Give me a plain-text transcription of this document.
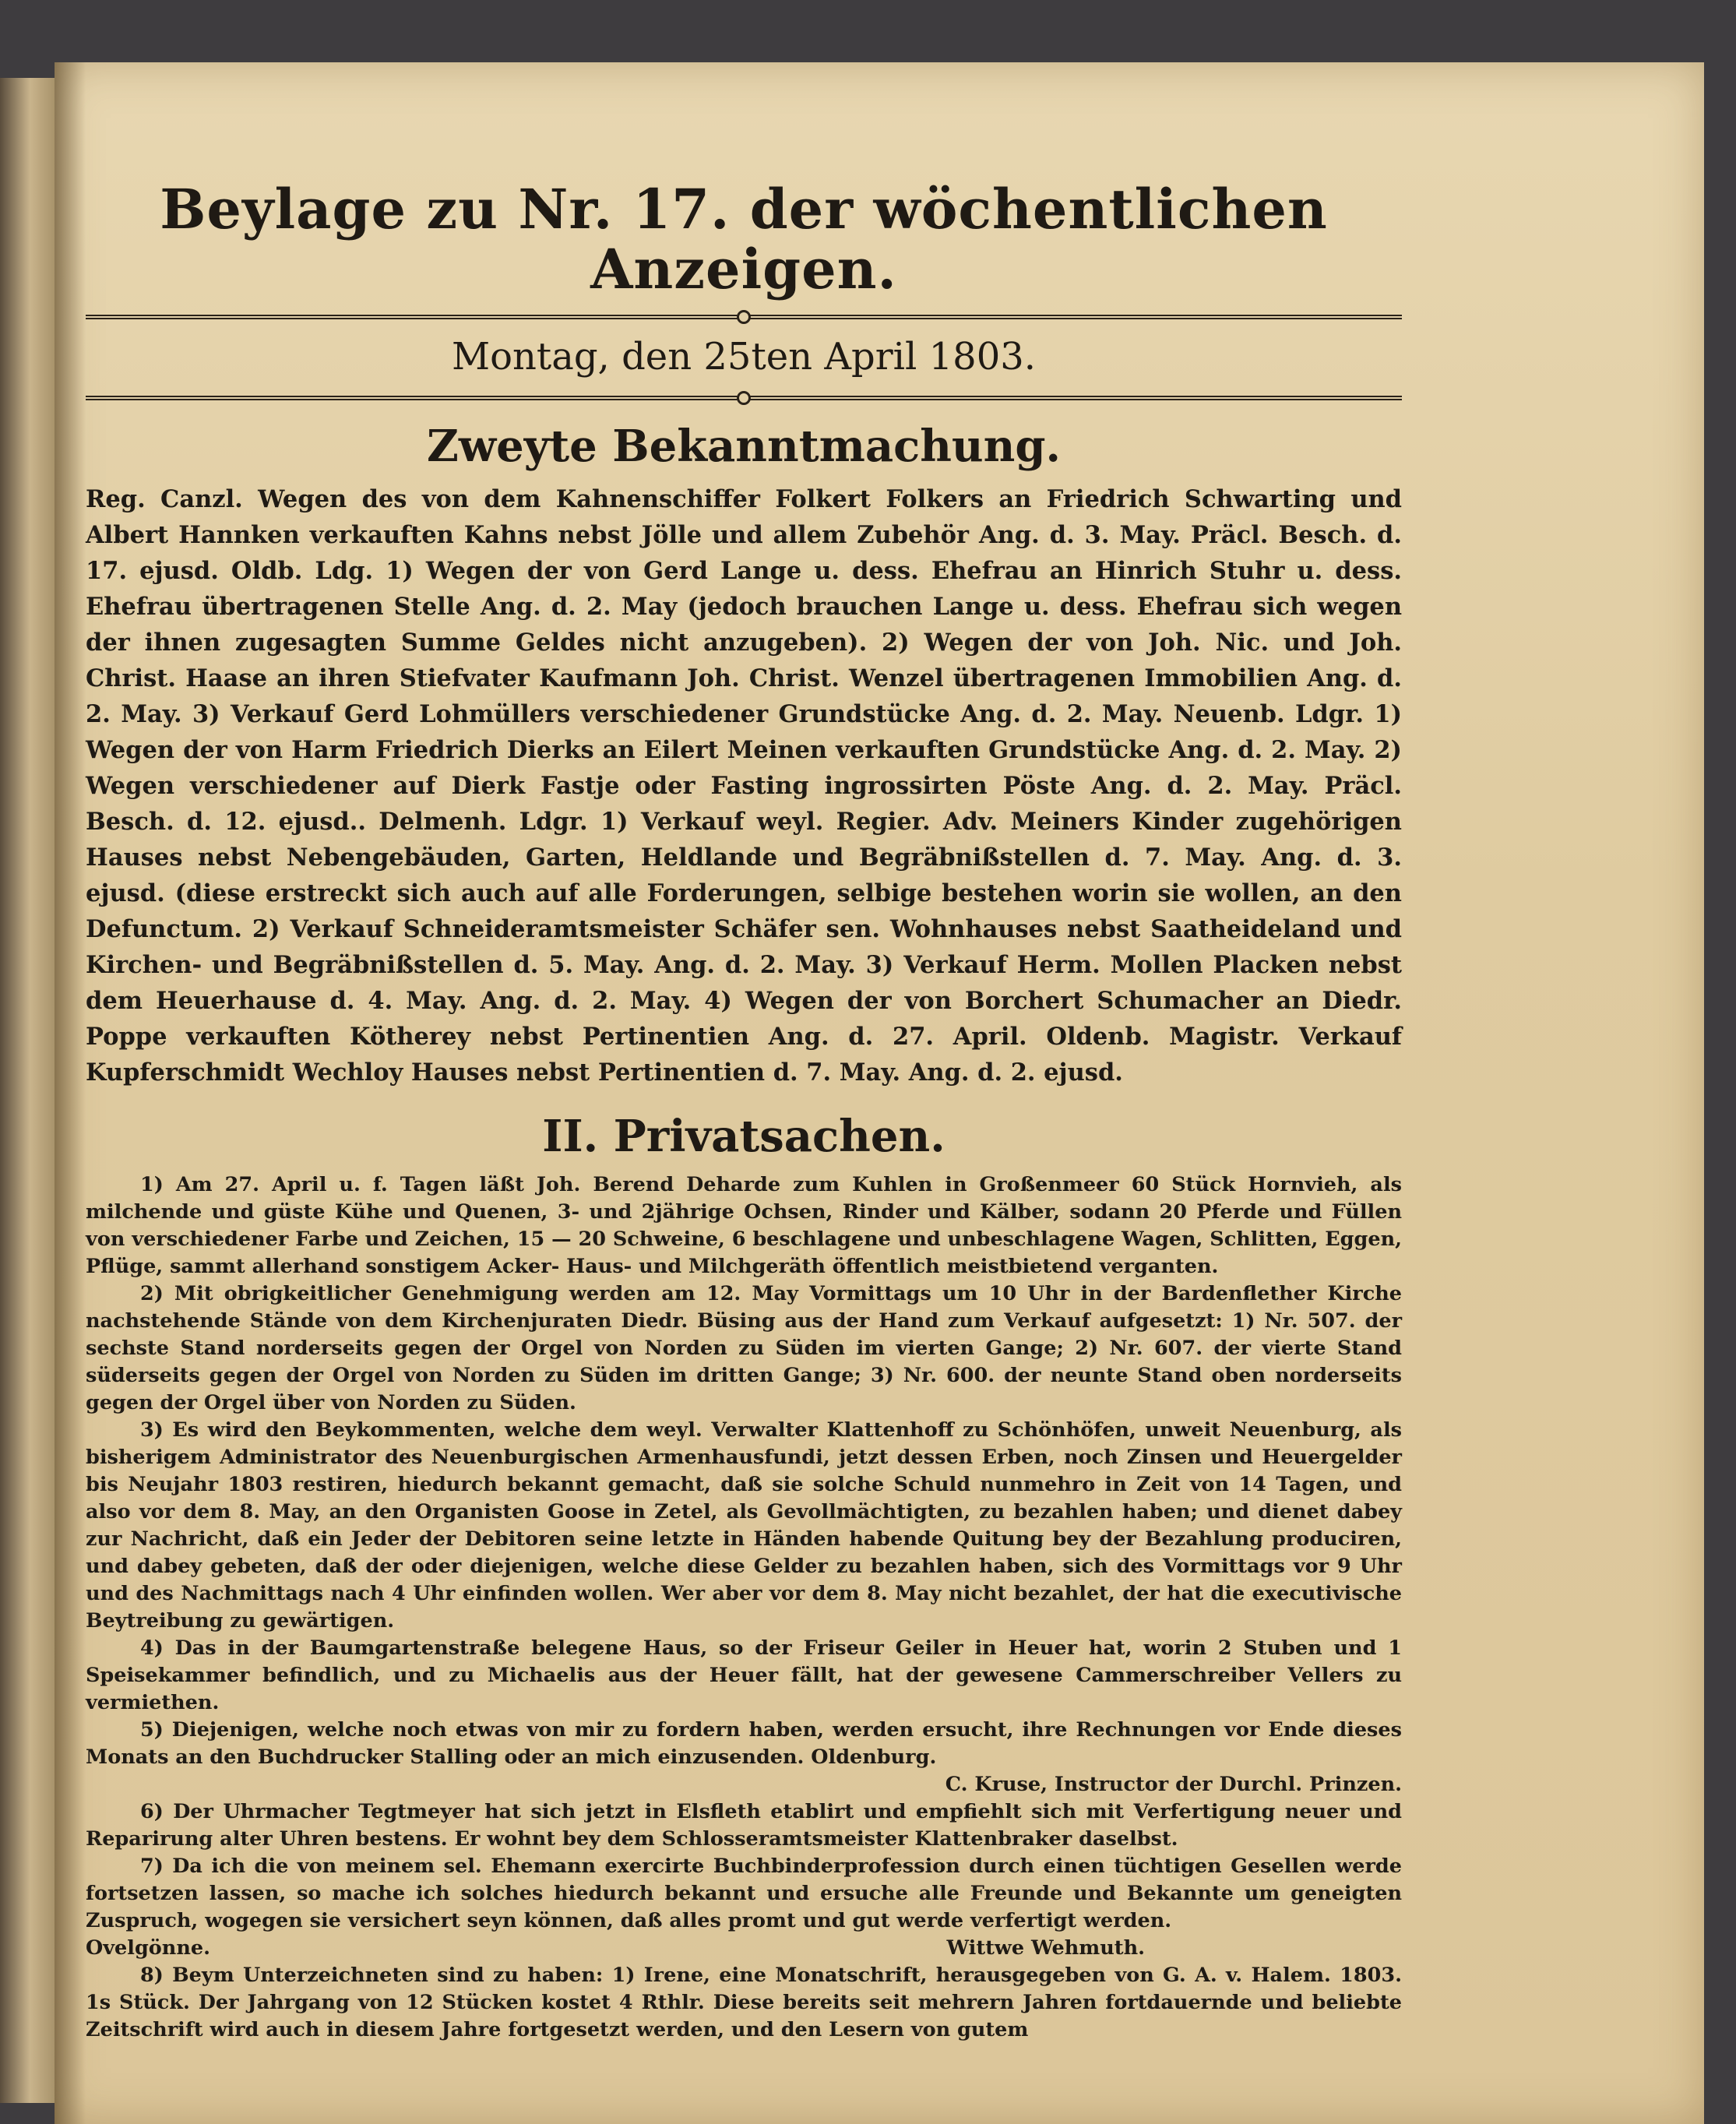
Beylage zu Nr. 17. der wöchentlichen Anzeigen.
Montag, den 25ten April 1803.
Zweyte Bekanntmachung.

Reg. Canzl. Wegen des von dem Kahnenschiffer Folkert Folkers an Friedrich Schwarting und Albert Hannken verkauften Kahns nebst Jölle und allem Zubehör Ang. d. 3. May. Präcl. Besch. d. 17. ejusd. Oldb. Ldg. 1) Wegen der von Gerd Lange u. dess. Ehefrau an Hinrich Stuhr u. dess. Ehefrau übertragenen Stelle Ang. d. 2. May (jedoch brauchen Lange u. dess. Ehefrau sich wegen der ihnen zugesagten Summe Geldes nicht anzugeben). 2) Wegen der von Joh. Nic. und Joh. Christ. Haase an ihren Stiefvater Kaufmann Joh. Christ. Wenzel übertragenen Immobilien Ang. d. 2. May. 3) Verkauf Gerd Lohmüllers verschiedener Grundstücke Ang. d. 2. May. Neuenb. Ldgr. 1) Wegen der von Harm Friedrich Dierks an Eilert Meinen verkauften Grundstücke Ang. d. 2. May. 2) Wegen verschiedener auf Dierk Fastje oder Fasting ingrossirten Pöste Ang. d. 2. May. Präcl. Besch. d. 12. ejusd.. Delmenh. Ldgr. 1) Verkauf weyl. Regier. Adv. Meiners Kinder zugehörigen Hauses nebst Nebengebäuden, Garten, Heldlande und Begräbnißstellen d. 7. May. Ang. d. 3. ejusd. (diese erstreckt sich auch auf alle Forderungen, selbige bestehen worin sie wollen, an den Defunctum. 2) Verkauf Schneideramtsmeister Schäfer sen. Wohnhauses nebst Saatheideland und Kirchen- und Begräbnißstellen d. 5. May. Ang. d. 2. May. 3) Verkauf Herm. Mollen Placken nebst dem Heuerhause d. 4. May. Ang. d. 2. May. 4) Wegen der von Borchert Schumacher an Diedr. Poppe verkauften Kötherey nebst Pertinentien Ang. d. 27. April. Oldenb. Magistr. Verkauf Kupferschmidt Wechloy Hauses nebst Pertinentien d. 7. May. Ang. d. 2. ejusd.

II. Privatsachen.

1) Am 27. April u. f. Tagen läßt Joh. Berend Deharde zum Kuhlen in Großenmeer 60 Stück Hornvieh, als milchende und güste Kühe und Quenen, 3- und 2jährige Ochsen, Rinder und Kälber, sodann 20 Pferde und Füllen von verschiedener Farbe und Zeichen, 15 — 20 Schweine, 6 beschlagene und unbeschlagene Wagen, Schlitten, Eggen, Pflüge, sammt allerhand sonstigem Acker- Haus- und Milchgeräth öffentlich meistbietend verganten.

2) Mit obrigkeitlicher Genehmigung werden am 12. May Vormittags um 10 Uhr in der Bardenflether Kirche nachstehende Stände von dem Kirchenjuraten Diedr. Büsing aus der Hand zum Verkauf aufgesetzt: 1) Nr. 507. der sechste Stand norderseits gegen der Orgel von Norden zu Süden im vierten Gange; 2) Nr. 607. der vierte Stand süderseits gegen der Orgel von Norden zu Süden im dritten Gange; 3) Nr. 600. der neunte Stand oben norderseits gegen der Orgel über von Norden zu Süden.

3) Es wird den Beykommenten, welche dem weyl. Verwalter Klattenhoff zu Schönhöfen, unweit Neuenburg, als bisherigem Administrator des Neuenburgischen Armenhausfundi, jetzt dessen Erben, noch Zinsen und Heuergelder bis Neujahr 1803 restiren, hiedurch bekannt gemacht, daß sie solche Schuld nunmehro in Zeit von 14 Tagen, und also vor dem 8. May, an den Organisten Goose in Zetel, als Gevollmächtigten, zu bezahlen haben; und dienet dabey zur Nachricht, daß ein Jeder der Debitoren seine letzte in Händen habende Quitung bey der Bezahlung produciren, und dabey gebeten, daß der oder diejenigen, welche diese Gelder zu bezahlen haben, sich des Vormittags vor 9 Uhr und des Nachmittags nach 4 Uhr einfinden wollen. Wer aber vor dem 8. May nicht bezahlet, der hat die executivische Beytreibung zu gewärtigen.

4) Das in der Baumgartenstraße belegene Haus, so der Friseur Geiler in Heuer hat, worin 2 Stuben und 1 Speisekammer befindlich, und zu Michaelis aus der Heuer fällt, hat der gewesene Cammerschreiber Vellers zu vermiethen.

5) Diejenigen, welche noch etwas von mir zu fordern haben, werden ersucht, ihre Rechnungen vor Ende dieses Monats an den Buchdrucker Stalling oder an mich einzusenden. Oldenburg.

C. Kruse, Instructor der Durchl. Prinzen.

6) Der Uhrmacher Tegtmeyer hat sich jetzt in Elsfleth etablirt und empfiehlt sich mit Verfertigung neuer und Reparirung alter Uhren bestens. Er wohnt bey dem Schlosseramtsmeister Klattenbraker daselbst.

7) Da ich die von meinem sel. Ehemann exercirte Buchbinderprofession durch einen tüchtigen Gesellen werde fortsetzen lassen, so mache ich solches hiedurch bekannt und ersuche alle Freunde und Bekannte um geneigten Zuspruch, wogegen sie versichert seyn können, daß alles promt und gut werde verfertigt werden.

Ovelgönne.	Wittwe Wehmuth.

8) Beym Unterzeichneten sind zu haben: 1) Irene, eine Monatschrift, herausgegeben von G. A. v. Halem. 1803. 1s Stück. Der Jahrgang von 12 Stücken kostet 4 Rthlr. Diese bereits seit mehrern Jahren fortdauernde und beliebte Zeitschrift wird auch in diesem Jahre fortgesetzt werden, und den Lesern von gutem
